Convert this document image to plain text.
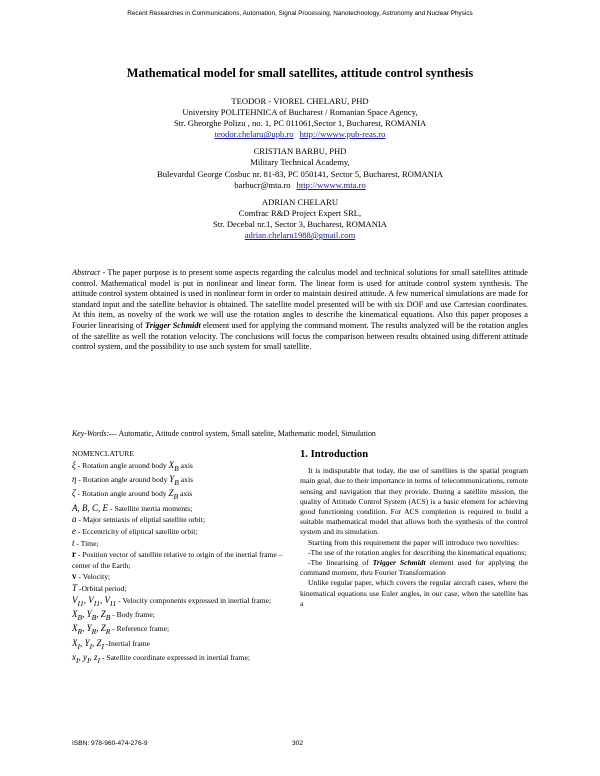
Recent Researches in Communications, Automation, Signal Processing, Nanotechnology, Astronomy and Nuclear Physics
Mathematical model for small satellites, attitude control synthesis
TEODOR - VIOREL CHELARU, PHD
University POLITEHNICA of Bucharest / Romanian Space Agency,
Str. Gheorghe Polizu , no. 1, PC 011061,Sector 1, Bucharest, ROMANIA
teodor.chelaru@upb.ro http://wwww.pub-reas.ro
CRISTIAN BARBU, PHD
Military Technical Academy,
Bulevardul George Cosbuc nr. 81-83, PC 050141, Sector 5, Bucharest, ROMANIA
barbucr@mta.ro http://wwww.mta.ro
ADRIAN CHELARU
Comfrac R&D Project Expert SRL,
Str. Decebal nr.1, Sector 3, Bucharest, ROMANIA
adrian.chelaru1988@gmail.com
Abstract - The paper purpose is to present some aspects regarding the calculus model and technical solutions for small satellites attitude control. Mathematical model is put in nonlinear and linear form. The linear form is used for attitude control system synthesis. The attitude control system obtained is used in nonlinear form in order to maintain desired attitude. A few numerical simulations are made for standard input and the satellite behavior is obtained. The satellite model presented will be with six DOF and use Cartesian coordinates. At this item, as novelty of the work we will use the rotation angles to describe the kinematical equations. Also this paper proposes a Fourier linearising of Trigger Schmidt element used for applying the command moment. The results analyzed will be the rotation angles of the satellite as well the rotation velocity. The conclusions will focus the comparison between results obtained using different attitude control system, and the possibility to use such system for small satellite.
Key-Words:— Automatic, Atitude control system, Small satelite, Mathematic model, Simulation
NOMENCLATURE
ξ - Rotation angle around body $X_B$ axis
η - Rotation angle around body $Y_B$ axis
ζ - Rotation angle around body $Z_B$ axis
A, B, C, E - Satellite inertia moments;
a - Major semiaxis of eliptial satellite orbit;
e - Eccentricity of eliptical satellite orbit;
t - Time;
r - Position vector of satellite relative to origin of the inertial frame – center of the Earth;
v - Velocity;
T -Orbital period;
$V_{I1}$, $V_{I1}$, $V_{I1}$ - Velocity components expressed in inertial frame;
$X_B$, $Y_B$, $Z_B$ - Body frame;
$X_R$, $Y_R$, $Z_R$ - Reference frame;
$X_I$, $Y_I$, $Z_I$ -Inertial frame
$x_I$, $y_I$, $z_I$ - Satellite coordinate expressed in inertial frame;
1. Introduction

It is indisputable that today, the use of satellites is the spatial program main goal, due to their importance in terms of telecommunications, remote sensing and navigation that they provide. During a satellite mission, the quality of Attitude Control System (ACS) is a basic element for achieving good functioning condition. For ACS completion is required to build a suitable mathematical model that allows both the synthesis of the control system and its simulation.

Starting from this requirement the paper will introduce two novelties:

-The use of the rotation angles for describing the kinematical equations;

-The linearising of Trigger Schmidt element used for applying the command moment, thru Fourier Transformation

Unlike regular paper, which covers the regular aircraft cases, where the kinematical equations use Euler angles, in our case, when the satellite has a

ISBN: 978-960-474-276-9	302
